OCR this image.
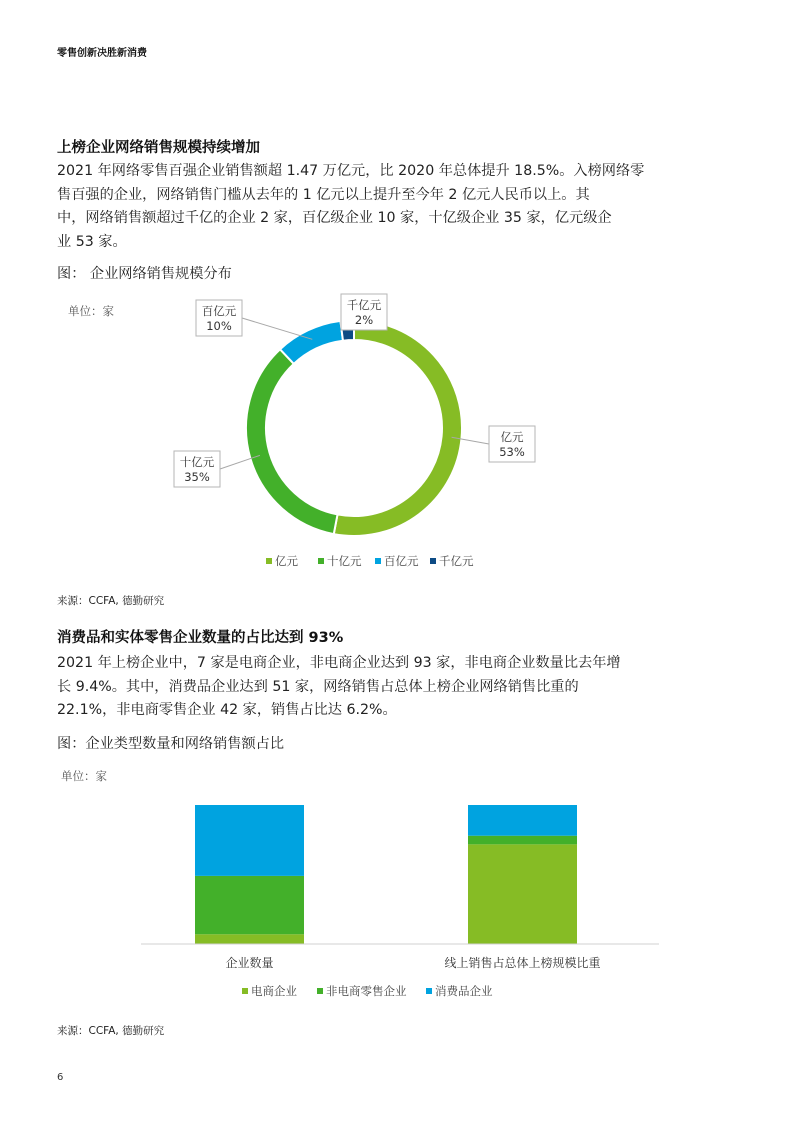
零售创新决胜新消费
上榜企业网络销售规模持续增加

2021 年网络零售百强企业销售额超 1.47 万亿元，比 2020 年总体提升 18.5%。入榜网络零

售百强的企业，网络销售门槛从去年的 1 亿元以上提升至今年 2 亿元人民币以上。其

中，网络销售额超过千亿的企业 2 家，百亿级企业 10 家，十亿级企业 35 家，亿元级企

业 53 家。

图： 企业网络销售规模分布
单位：家
亿元
53%
十亿元
35%
百亿元
10%
千亿元
2%
亿元	十亿元 百亿元 千亿元
来源：CCFA, 德勤研究
消费品和实体零售企业数量的占比达到 93%

2021 年上榜企业中，7 家是电商企业，非电商企业达到 93 家，非电商企业数量比去年增

长 9.4%。其中，消费品企业达到 51 家，网络销售占总体上榜企业网络销售比重的

22.1%，非电商零售企业 42 家，销售占比达 6.2%。

图：企业类型数量和网络销售额占比
单位：家
企业数量	线上销售占总体上榜规模比重
电商企业	非电商零售企业 消费品企业
来源：CCFA, 德勤研究
6
